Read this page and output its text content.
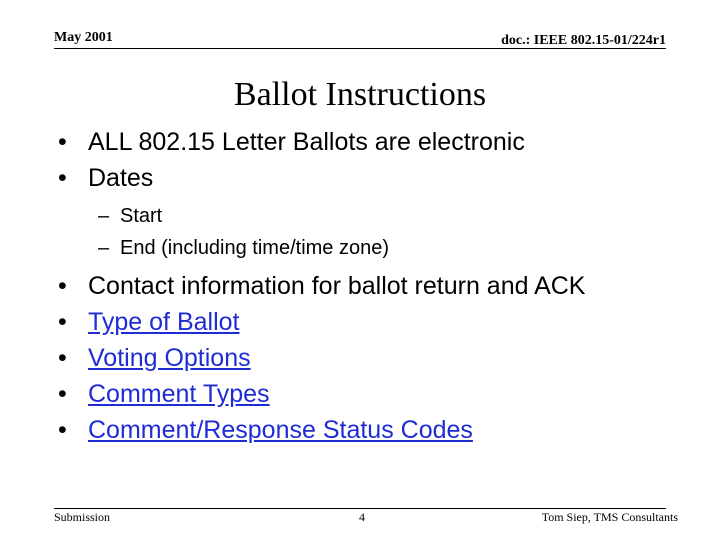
May 2001	doc.: IEEE 802.15-01/224r1
Ballot Instructions
• ALL 802.15 Letter Ballots are electronic
• Dates
– Start
– End (including time/time zone)
• Contact information for ballot return and ACK
• Type of Ballot
• Voting Options
• Comment Types
• Comment/Response Status Codes
Submission	4	Tom Siep, TMS Consultants
